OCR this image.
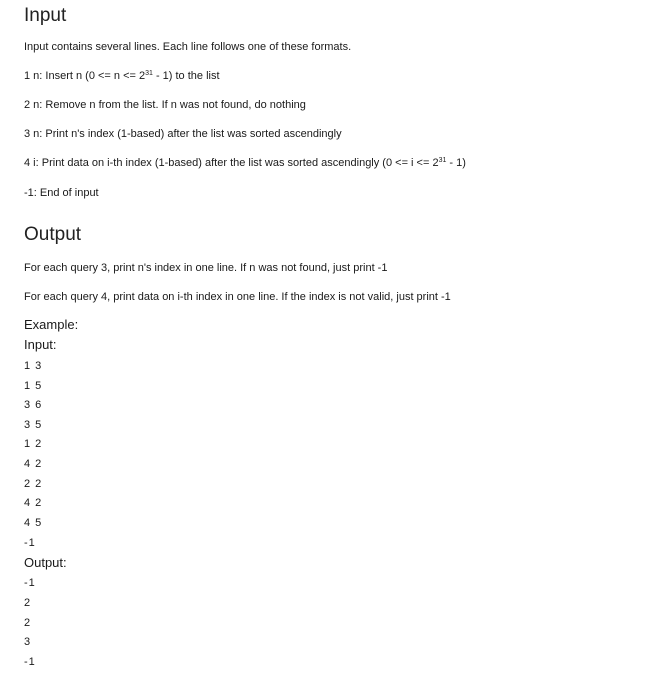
Input
Input contains several lines. Each line follows one of these formats.
1 n: Insert n $(0 <= n <= 2^{31} - 1)$ to the list
2 n: Remove n from the list. If n was not found, do nothing
3 n: Print n's index (1-based) after the list was sorted ascendingly
4 i: Print data on i-th index (1-based) after the list was sorted ascendingly $(0 <= i <= 2^{31} - 1)$
-1: End of input
Output
For each query 3, print n's index in one line. If n was not found, just print -1
For each query 4, print data on i-th index in one line. If the index is not valid, just print -1
Example:
Input:
1 3
1 5
3 6
3 5
1 2
4 2
2 2
4 2
4 5
-1
Output:
-1
2
2
3
-1
